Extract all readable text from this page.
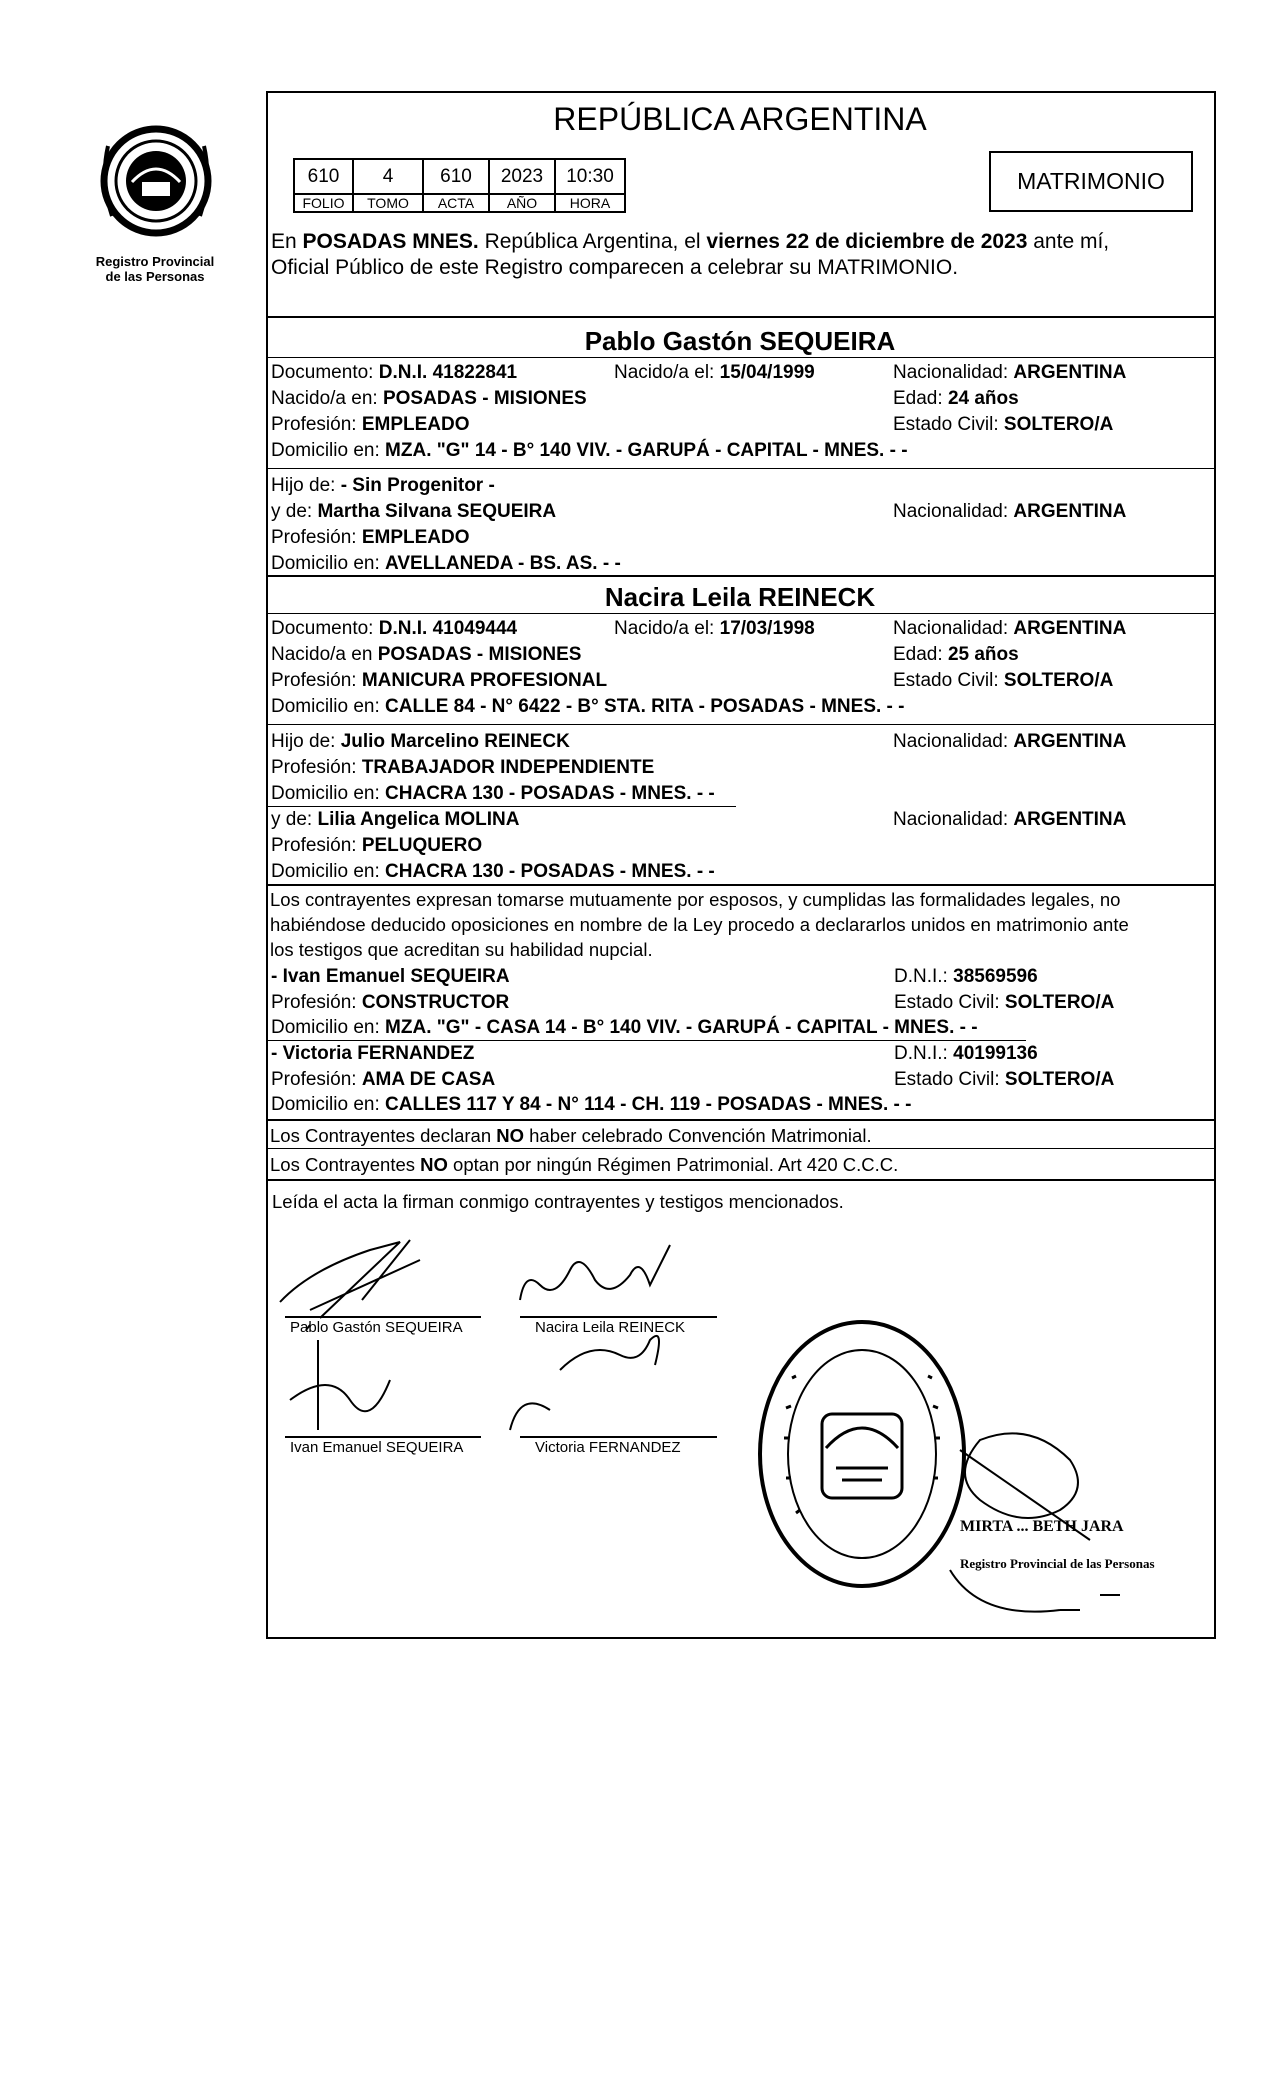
Registro Provincial
de las Personas
REPÚBLICA ARGENTINA
610	4	610	2023	10:30
FOLIO	TOMO	ACTA	AÑO	HORA
MATRIMONIO
En POSADAS MNES. República Argentina, el viernes 22 de diciembre de 2023 ante mí,
Oficial Público de este Registro comparecen a celebrar su MATRIMONIO.
Pablo Gastón SEQUEIRA
Documento: D.N.I. 41822841	Nacido/a el: 15/04/1999	Nacionalidad: ARGENTINA
Nacido/a en: POSADAS - MISIONES	Edad: 24 años
Profesión: EMPLEADO	Estado Civil: SOLTERO/A
Domicilio en: MZA. "G" 14 - B° 140 VIV. - GARUPÁ - CAPITAL - MNES. - -
Hijo de: - Sin Progenitor -
y de: Martha Silvana SEQUEIRA	Nacionalidad: ARGENTINA
Profesión: EMPLEADO
Domicilio en: AVELLANEDA - BS. AS. - -
Nacira Leila REINECK
Documento: D.N.I. 41049444	Nacido/a el: 17/03/1998	Nacionalidad: ARGENTINA
Nacido/a en POSADAS - MISIONES	Edad: 25 años
Profesión: MANICURA PROFESIONAL	Estado Civil: SOLTERO/A
Domicilio en: CALLE 84 - N° 6422 - B° STA. RITA - POSADAS - MNES. - -
Hijo de: Julio Marcelino REINECK	Nacionalidad: ARGENTINA
Profesión: TRABAJADOR INDEPENDIENTE
Domicilio en: CHACRA 130 - POSADAS - MNES. - -
y de: Lilia Angelica MOLINA	Nacionalidad: ARGENTINA
Profesión: PELUQUERO
Domicilio en: CHACRA 130 - POSADAS - MNES. - -
Los contrayentes expresan tomarse mutuamente por esposos, y cumplidas las formalidades legales, no
habiéndose deducido oposiciones en nombre de la Ley procedo a declararlos unidos en matrimonio ante
los testigos que acreditan su habilidad nupcial.
- Ivan Emanuel SEQUEIRA	D.N.I.: 38569596
Profesión: CONSTRUCTOR	Estado Civil: SOLTERO/A
Domicilio en: MZA. "G" - CASA 14 - B° 140 VIV. - GARUPÁ - CAPITAL - MNES. - -
- Victoria FERNANDEZ	D.N.I.: 40199136
Profesión: AMA DE CASA	Estado Civil: SOLTERO/A
Domicilio en: CALLES 117 Y 84 - N° 114 - CH. 119 - POSADAS - MNES. - -
Los Contrayentes declaran NO haber celebrado Convención Matrimonial.
Los Contrayentes NO optan por ningún Régimen Patrimonial. Art 420 C.C.C.
Leída el acta la firman conmigo contrayentes y testigos mencionados.
Pablo Gastón SEQUEIRA	Nacira Leila REINECK
Ivan Emanuel SEQUEIRA	Victoria FERNANDEZ
MIRTA ... BETH JARA
Registro Provincial de las Personas
